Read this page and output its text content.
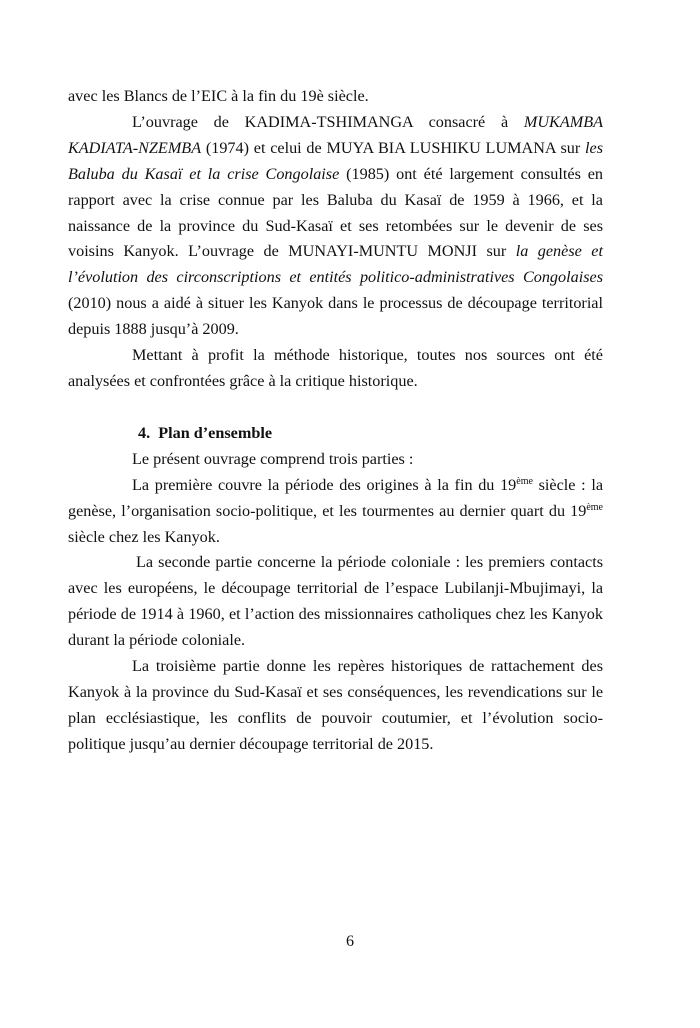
avec les Blancs de l’EIC à la fin du 19è siècle.

L’ouvrage de KADIMA-TSHIMANGA consacré à MUKAMBA KADIATA-NZEMBA (1974) et celui de MUYA BIA LUSHIKU LUMANA sur les Baluba du Kasaï et la crise Congolaise (1985) ont été largement consultés en rapport avec la crise connue par les Baluba du Kasaï de 1959 à 1966, et la naissance de la province du Sud-Kasaï et ses retombées sur le devenir de ses voisins Kanyok. L’ouvrage de MUNAYI-MUNTU MONJI sur la genèse et l’évolution des circonscriptions et entités politico-administratives Congolaises (2010) nous a aidé à situer les Kanyok dans le processus de découpage territorial depuis 1888 jusqu’à 2009.

Mettant à profit la méthode historique, toutes nos sources ont été analysées et confrontées grâce à la critique historique.

4. Plan d’ensemble

Le présent ouvrage comprend trois parties :

La première couvre la période des origines à la fin du 19ème siècle : la genèse, l’organisation socio-politique, et les tourmentes au dernier quart du 19ème siècle chez les Kanyok.

La seconde partie concerne la période coloniale : les premiers contacts avec les européens, le découpage territorial de l’espace Lubilanji-Mbujimayi, la période de 1914 à 1960, et l’action des missionnaires catholiques chez les Kanyok durant la période coloniale.

La troisième partie donne les repères historiques de rattachement des Kanyok à la province du Sud-Kasaï et ses conséquences, les revendications sur le plan ecclésiastique, les conflits de pouvoir coutumier, et l’évolution socio-politique jusqu’au dernier découpage territorial de 2015.

6
